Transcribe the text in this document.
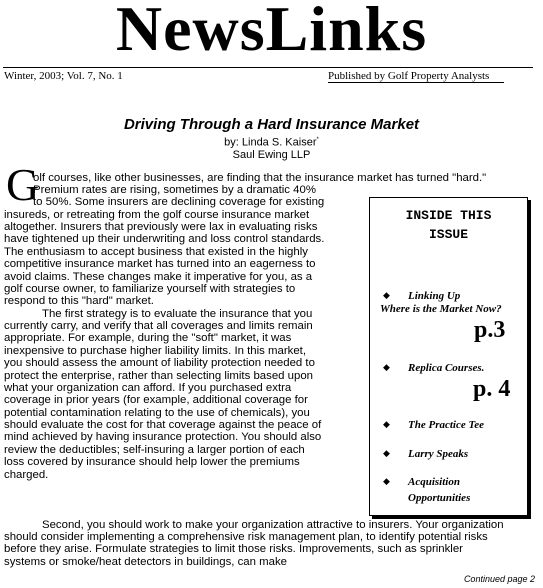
NewsLinks
Winter, 2003; Vol. 7, No. 1	Published by Golf Property Analysts
Driving Through a Hard Insurance Market
by: Linda S. Kaiser*
Saul Ewing LLP
G
olf courses, like other businesses, are finding that the insurance market has turned "hard."
Premium rates are rising, sometimes by a dramatic 40%
to 50%. Some insurers are declining coverage for existing
insureds, or retreating from the golf course insurance market
altogether. Insurers that previously were lax in evaluating risks
have tightened up their underwriting and loss control standards.
The enthusiasm to accept business that existed in the highly
competitive insurance market has turned into an eagerness to
avoid claims. These changes make it imperative for you, as a
golf course owner, to familiarize yourself with strategies to
respond to this "hard" market.
The first strategy is to evaluate the insurance that you
currently carry, and verify that all coverages and limits remain
appropriate. For example, during the "soft" market, it was
inexpensive to purchase higher liability limits. In this market,
you should assess the amount of liability protection needed to
protect the enterprise, rather than selecting limits based upon
what your organization can afford. If you purchased extra
coverage in prior years (for example, additional coverage for
potential contamination relating to the use of chemicals), you
should evaluate the cost for that coverage against the peace of
mind achieved by having insurance protection. You should also
review the deductibles; self-insuring a larger portion of each
loss covered by insurance should help lower the premiums
charged.
Second, you should work to make your organization attractive to insurers. Your organization
should consider implementing a comprehensive risk management plan, to identify potential risks
before they arise. Formulate strategies to limit those risks. Improvements, such as sprinkler
systems or smoke/heat detectors in buildings, can make
INSIDE THIS
ISSUE
◆ Linking Up
Where is the Market Now?
p.3
◆ Replica Courses.
p. 4
◆ The Practice Tee
◆ Larry Speaks
◆ Acquisition
Opportunities
Continued page 2
